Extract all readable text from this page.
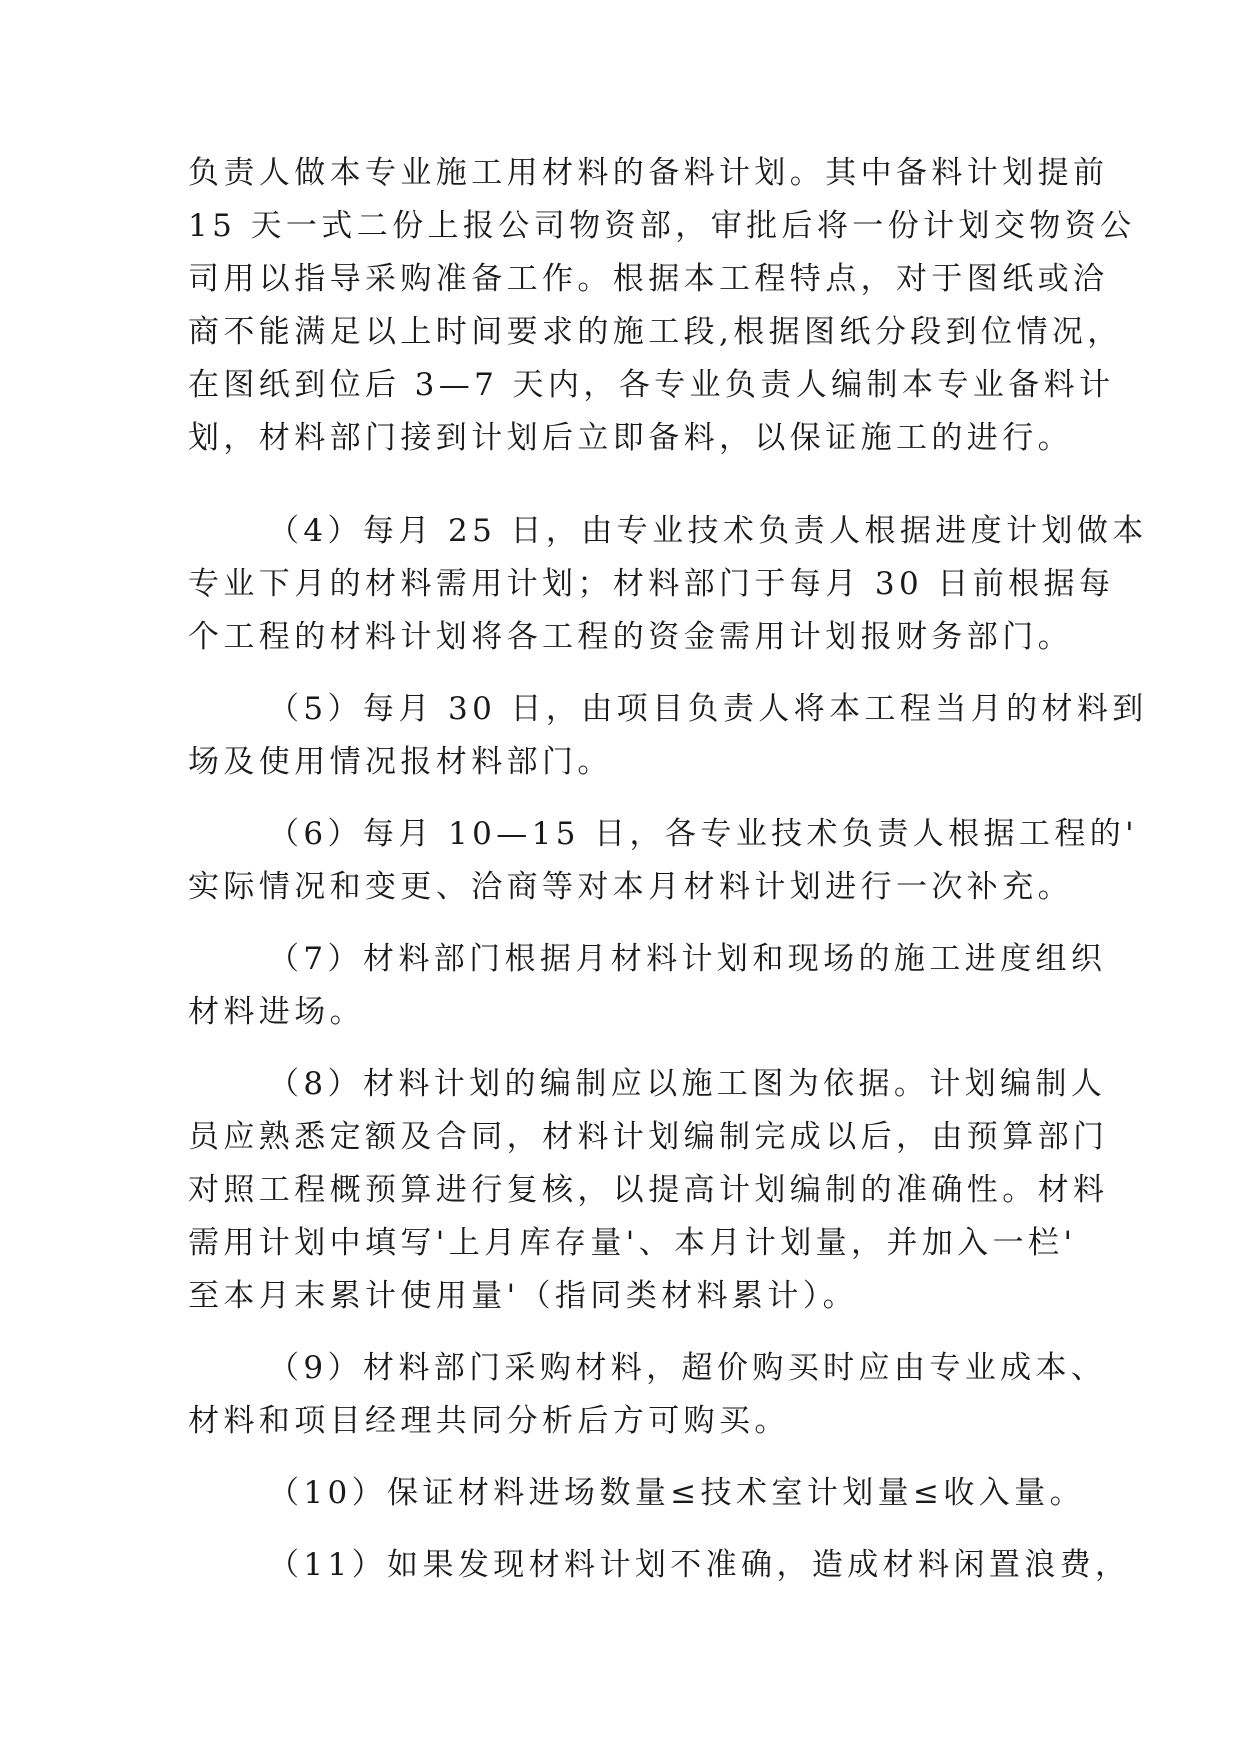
负责人做本专业施工用材料的备料计划。其中备料计划提前
15 天一式二份上报公司物资部，审批后将一份计划交物资公
司用以指导采购准备工作。根据本工程特点，对于图纸或洽
商不能满足以上时间要求的施工段,根据图纸分段到位情况，
在图纸到位后 3—7 天内，各专业负责人编制本专业备料计
划，材料部门接到计划后立即备料，以保证施工的进行。
（4）每月 25 日，由专业技术负责人根据进度计划做本
专业下月的材料需用计划；材料部门于每月 30 日前根据每
个工程的材料计划将各工程的资金需用计划报财务部门。
（5）每月 30 日，由项目负责人将本工程当月的材料到
场及使用情况报材料部门。
（6）每月 10—15 日，各专业技术负责人根据工程的'
实际情况和变更、洽商等对本月材料计划进行一次补充。
（7）材料部门根据月材料计划和现场的施工进度组织
材料进场。
（8）材料计划的编制应以施工图为依据。计划编制人
员应熟悉定额及合同，材料计划编制完成以后，由预算部门
对照工程概预算进行复核，以提高计划编制的准确性。材料
需用计划中填写'上月库存量'、本月计划量，并加入一栏'
至本月末累计使用量'（指同类材料累计）。
（9）材料部门采购材料，超价购买时应由专业成本、
材料和项目经理共同分析后方可购买。
（10）保证材料进场数量≤技术室计划量≤收入量。
（11）如果发现材料计划不准确，造成材料闲置浪费，
